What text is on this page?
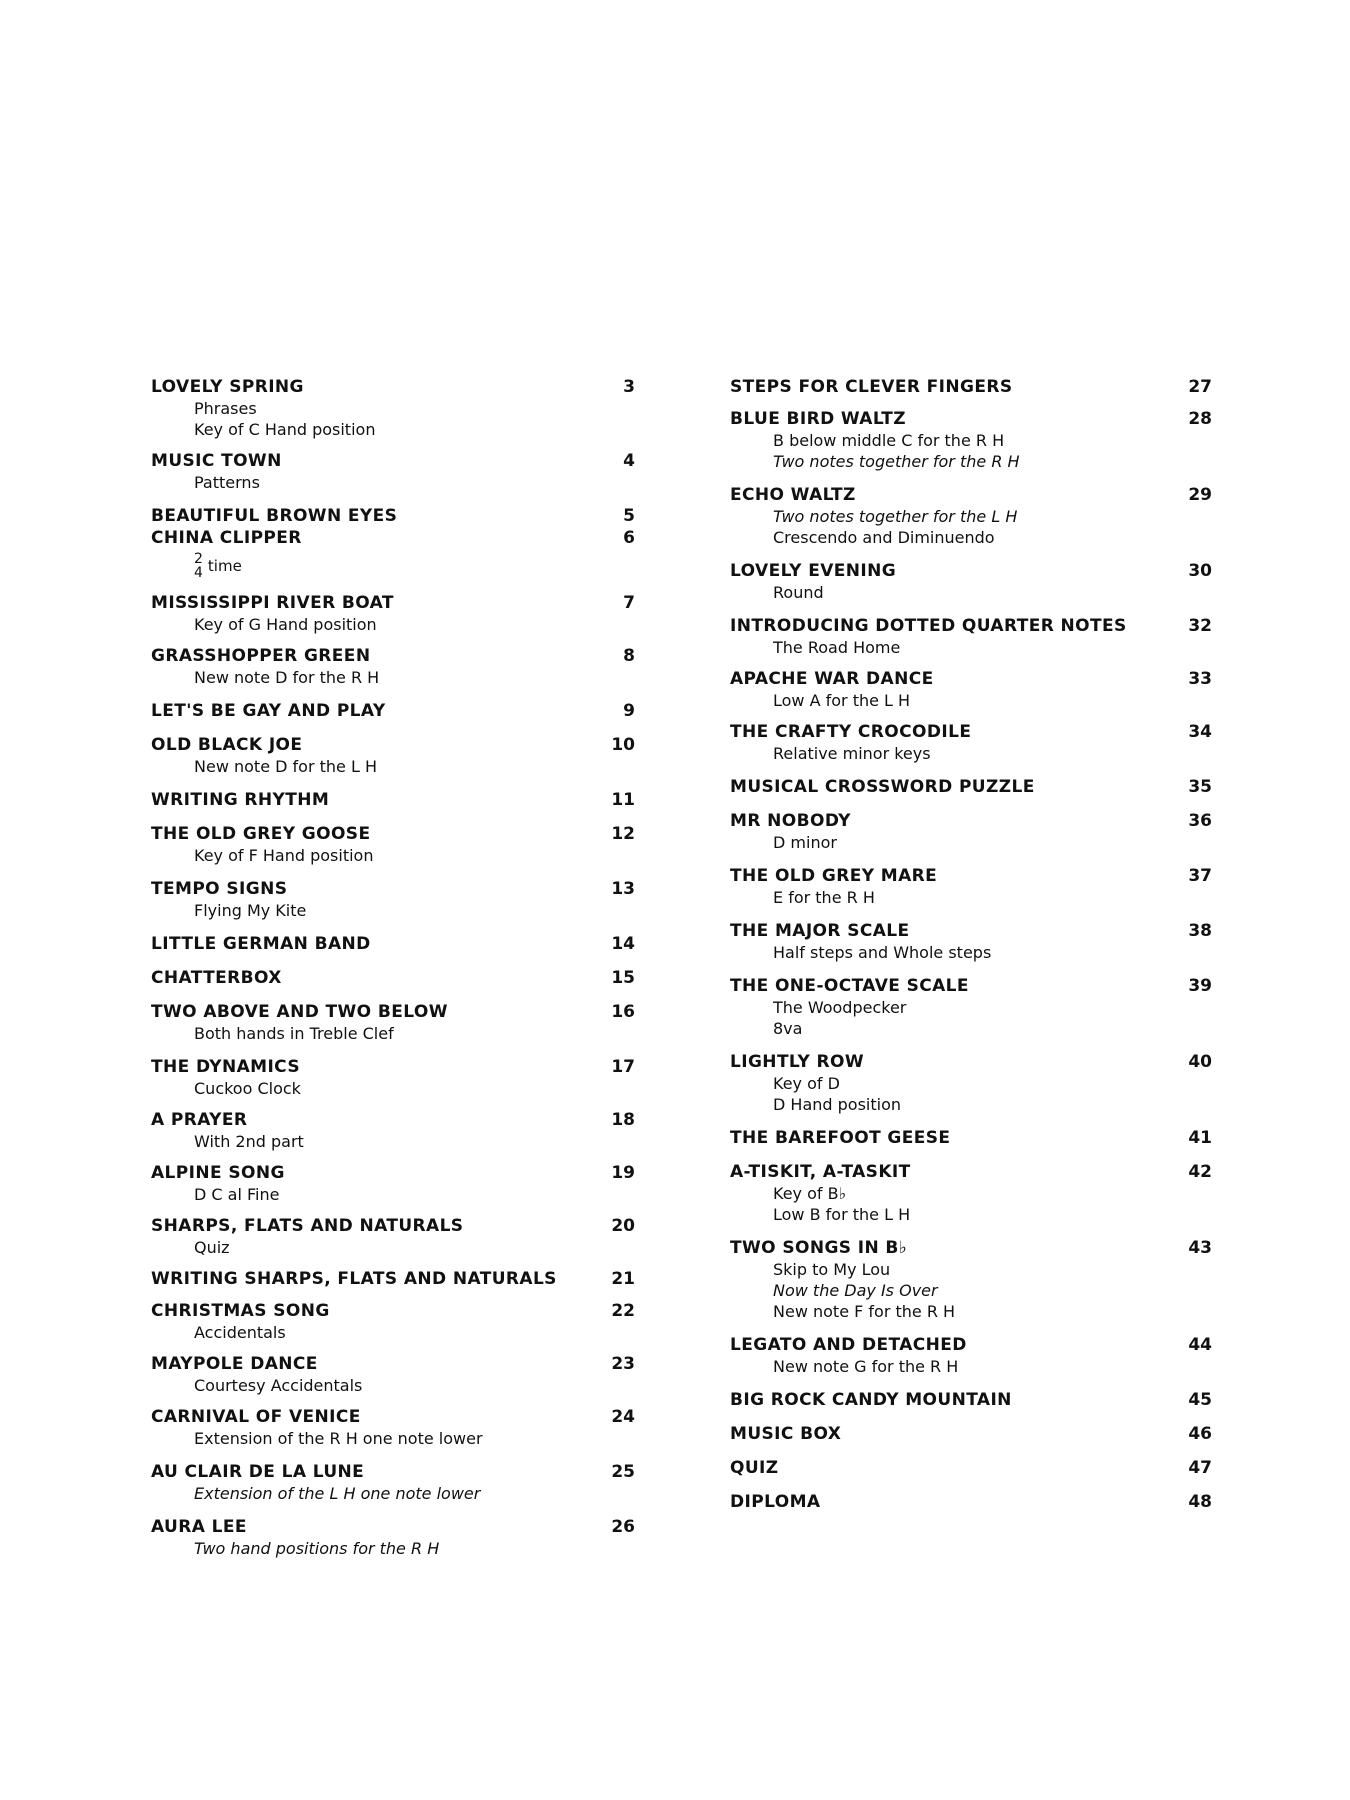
LOVELY SPRING	3
Phrases
Key of C Hand position
MUSIC TOWN	4
Patterns
BEAUTIFUL BROWN EYES	5
CHINA CLIPPER	6
2
4 time
MISSISSIPPI RIVER BOAT	7
Key of G Hand position
GRASSHOPPER GREEN	8
New note D for the R H
LET'S BE GAY AND PLAY	9
OLD BLACK JOE	10
New note D for the L H
WRITING RHYTHM	11
THE OLD GREY GOOSE	12
Key of F Hand position
TEMPO SIGNS	13
Flying My Kite
LITTLE GERMAN BAND	14
CHATTERBOX	15
TWO ABOVE AND TWO BELOW	16
Both hands in Treble Clef
THE DYNAMICS	17
Cuckoo Clock
A PRAYER	18
With 2nd part
ALPINE SONG	19
D C al Fine
SHARPS, FLATS AND NATURALS	20
Quiz
WRITING SHARPS, FLATS AND NATURALS	21
CHRISTMAS SONG	22
Accidentals
MAYPOLE DANCE	23
Courtesy Accidentals
CARNIVAL OF VENICE	24
Extension of the R H one note lower
AU CLAIR DE LA LUNE	25
Extension of the L H one note lower
AURA LEE	26
Two hand positions for the R H
STEPS FOR CLEVER FINGERS	27
BLUE BIRD WALTZ	28
B below middle C for the R H
Two notes together for the R H
ECHO WALTZ	29
Two notes together for the L H
Crescendo and Diminuendo
LOVELY EVENING	30
Round
INTRODUCING DOTTED QUARTER NOTES	32
The Road Home
APACHE WAR DANCE	33
Low A for the L H
THE CRAFTY CROCODILE	34
Relative minor keys
MUSICAL CROSSWORD PUZZLE	35
MR NOBODY	36
D minor
THE OLD GREY MARE	37
E for the R H
THE MAJOR SCALE	38
Half steps and Whole steps
THE ONE-OCTAVE SCALE	39
The Woodpecker
8va
LIGHTLY ROW	40
Key of D
D Hand position
THE BAREFOOT GEESE	41
A-TISKIT, A-TASKIT	42
Key of B♭
Low B for the L H
TWO SONGS IN B♭	43
Skip to My Lou
Now the Day Is Over
New note F for the R H
LEGATO AND DETACHED	44
New note G for the R H
BIG ROCK CANDY MOUNTAIN	45
MUSIC BOX	46
QUIZ	47
DIPLOMA	48
